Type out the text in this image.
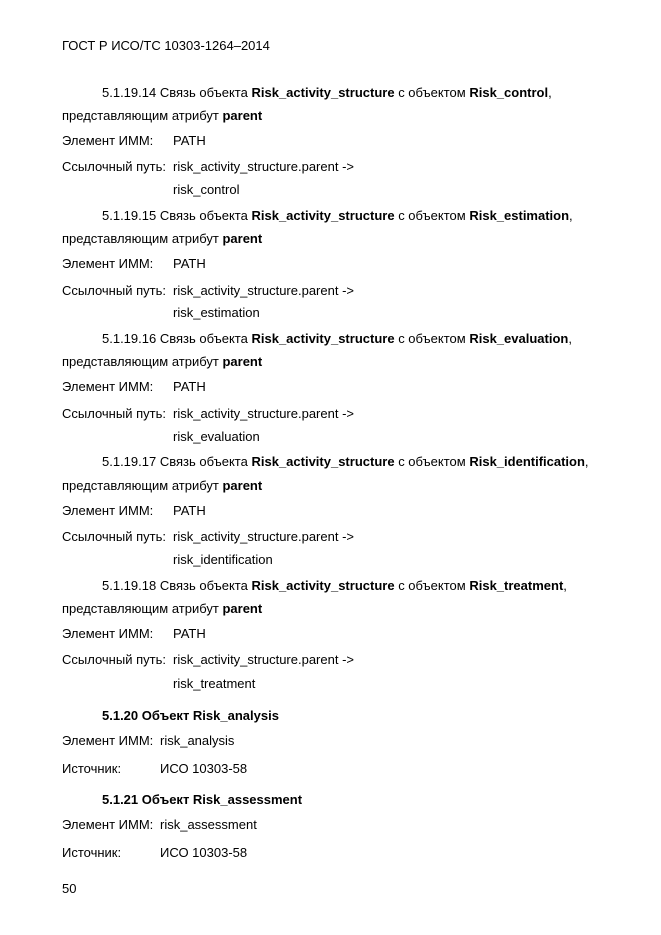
ГОСТ Р ИСО/ТС 10303-1264–2014
5.1.19.14 Связь объекта Risk_activity_structure с объектом Risk_control,
представляющим атрибут parent
Элемент ИММ: PATH
Ссылочный путь: risk_activity_structure.parent ->
risk_control
5.1.19.15 Связь объекта Risk_activity_structure с объектом Risk_estimation,
представляющим атрибут parent
Элемент ИММ: PATH
Ссылочный путь: risk_activity_structure.parent ->
risk_estimation
5.1.19.16 Связь объекта Risk_activity_structure с объектом Risk_evaluation,
представляющим атрибут parent
Элемент ИММ: PATH
Ссылочный путь: risk_activity_structure.parent ->
risk_evaluation
5.1.19.17 Связь объекта Risk_activity_structure с объектом Risk_identification,
представляющим атрибут parent
Элемент ИММ: PATH
Ссылочный путь: risk_activity_structure.parent ->
risk_identification
5.1.19.18 Связь объекта Risk_activity_structure с объектом Risk_treatment,
представляющим атрибут parent
Элемент ИММ: PATH
Ссылочный путь: risk_activity_structure.parent ->
risk_treatment
5.1.20 Объект Risk_analysis
Элемент ИММ: risk_analysis
Источник:	ИСО 10303-58
5.1.21 Объект Risk_assessment
Элемент ИММ: risk_assessment
Источник:	ИСО 10303-58
50
